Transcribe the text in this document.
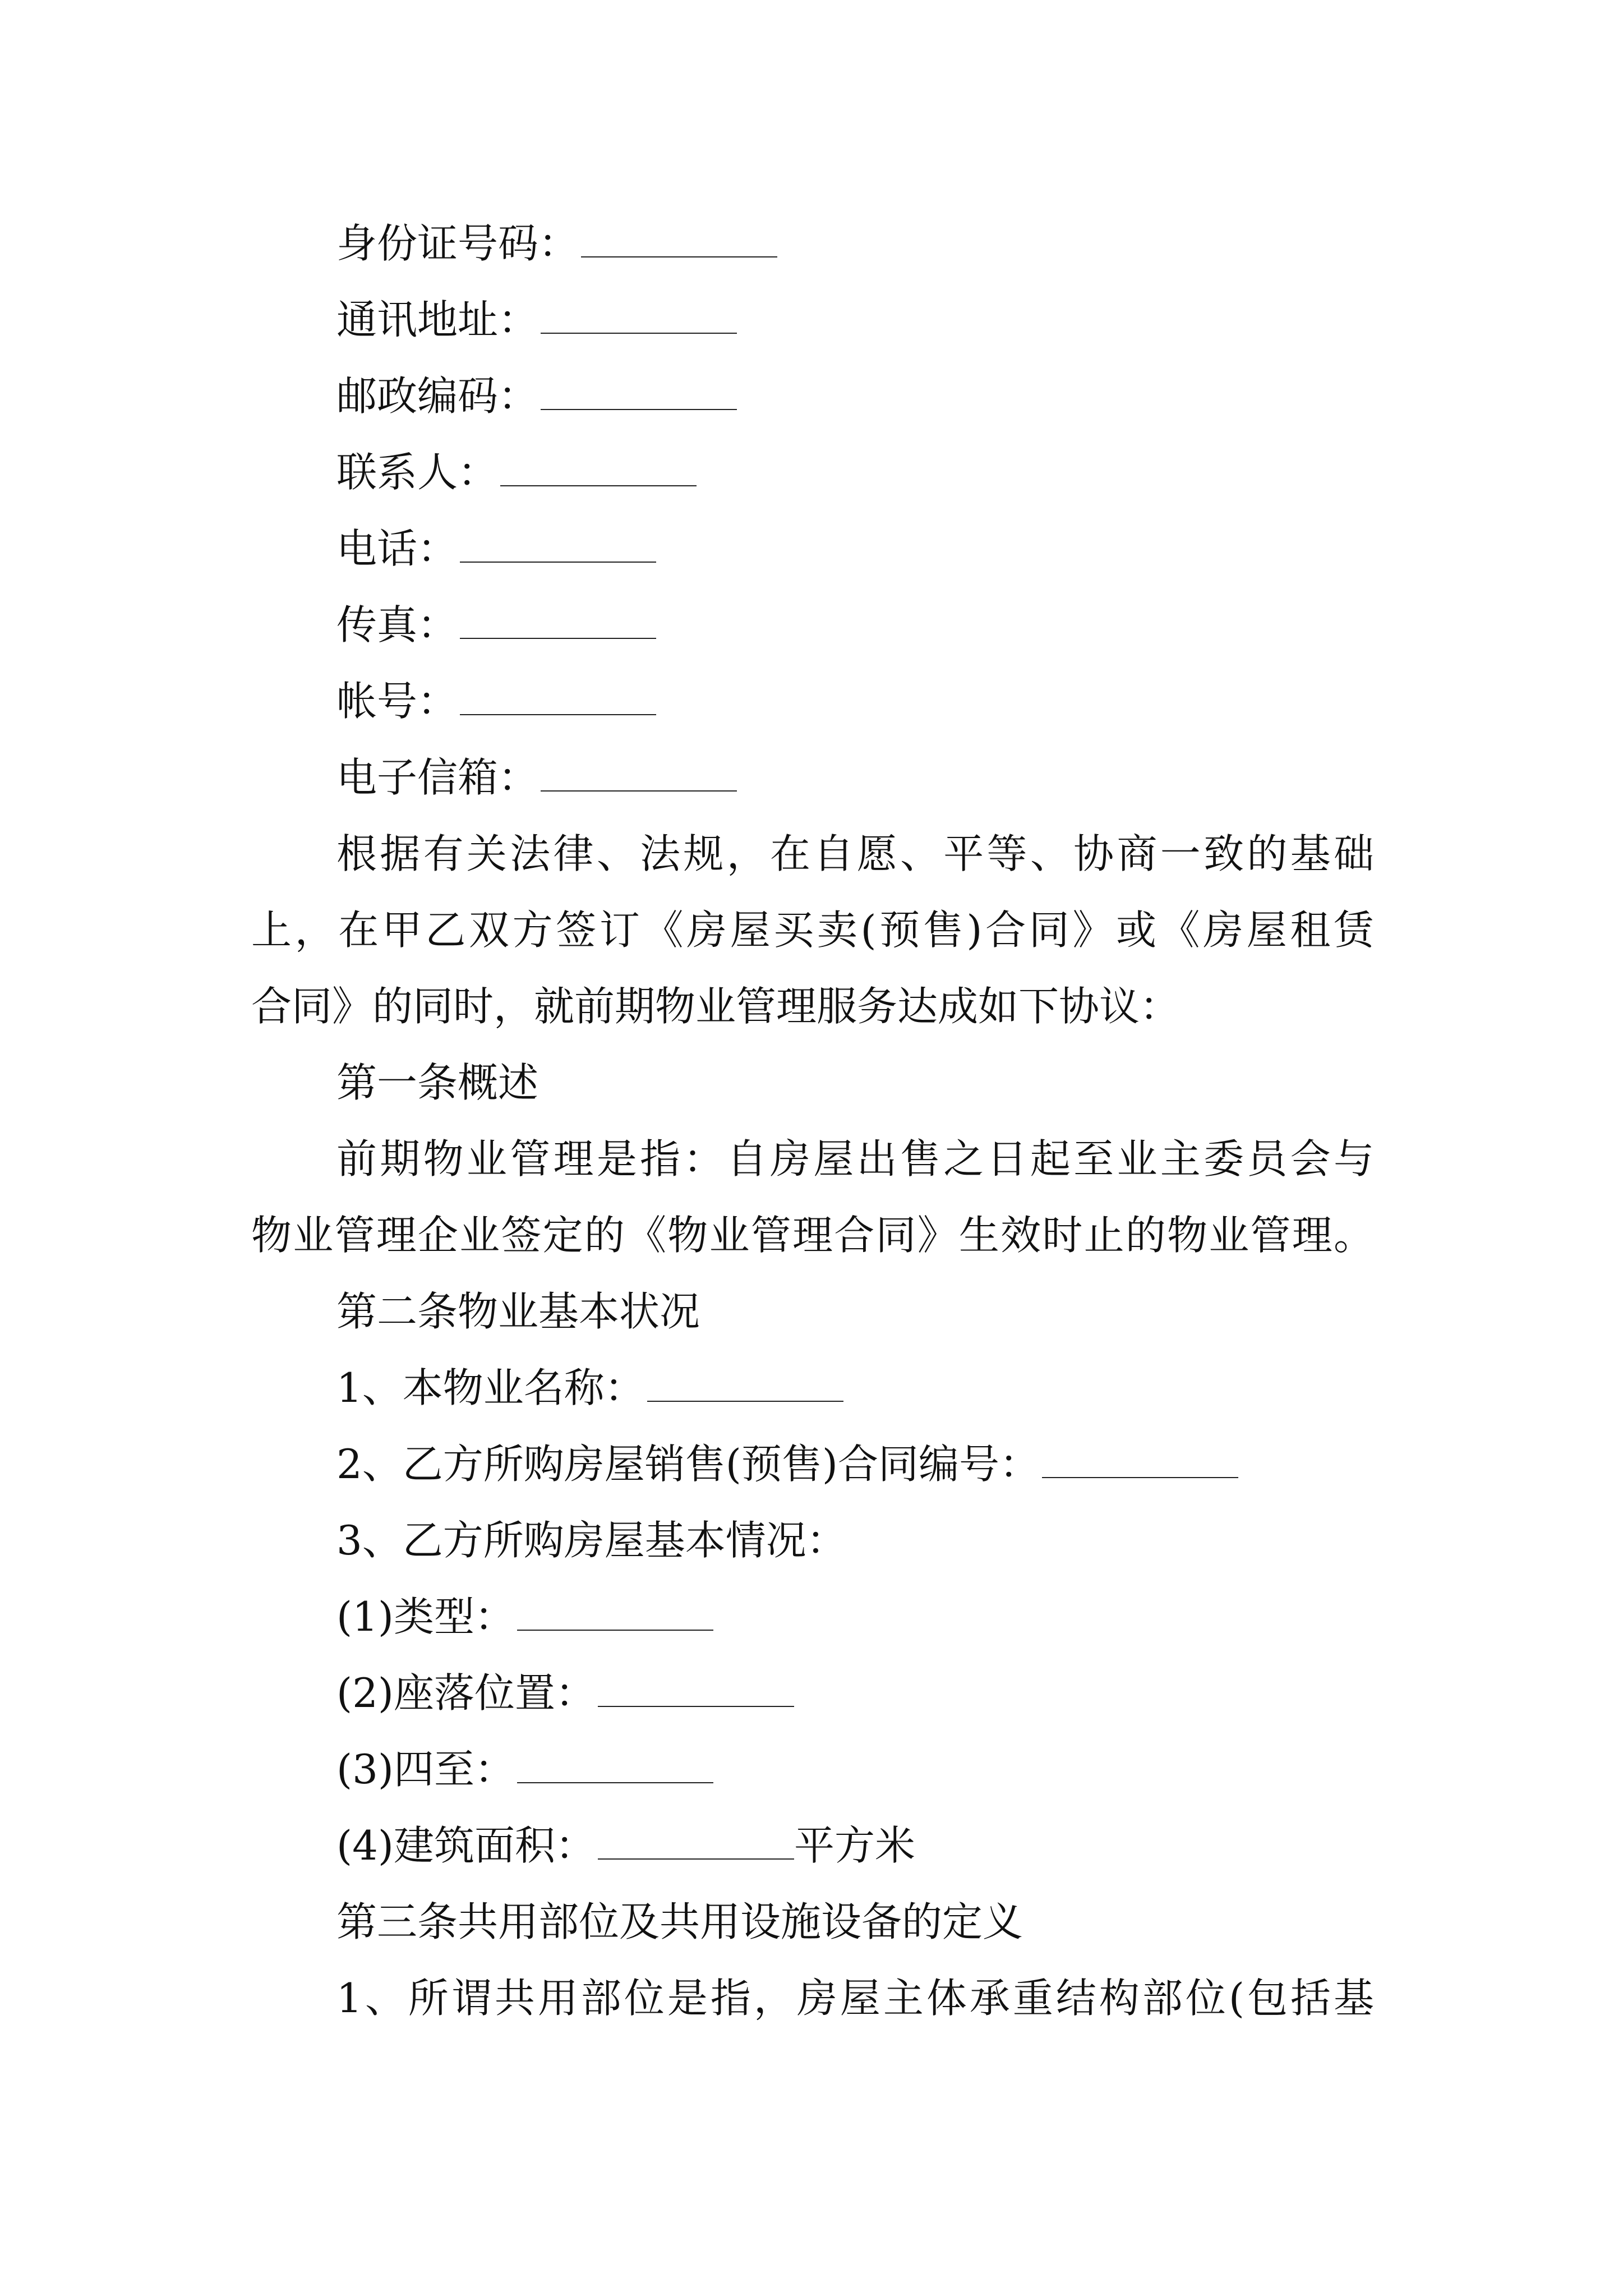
身份证号码：
通讯地址：
邮政编码：
联系人：
电话：
传真：
帐号：
电子信箱：
根据有关法律、法规，在自愿、平等、协商一致的基础
上，在甲乙双方签订《房屋买卖(预售)合同》或《房屋租赁
合同》的同时，就前期物业管理服务达成如下协议：
第一条概述
前期物业管理是指：自房屋出售之日起至业主委员会与
物业管理企业签定的《物业管理合同》生效时止的物业管理。
第二条物业基本状况
1、本物业名称：
2、乙方所购房屋销售(预售)合同编号：
3、乙方所购房屋基本情况：
(1)类型：
(2)座落位置：
(3)四至：
(4)建筑面积：	平方米
第三条共用部位及共用设施设备的定义
1、所谓共用部位是指，房屋主体承重结构部位(包括基
